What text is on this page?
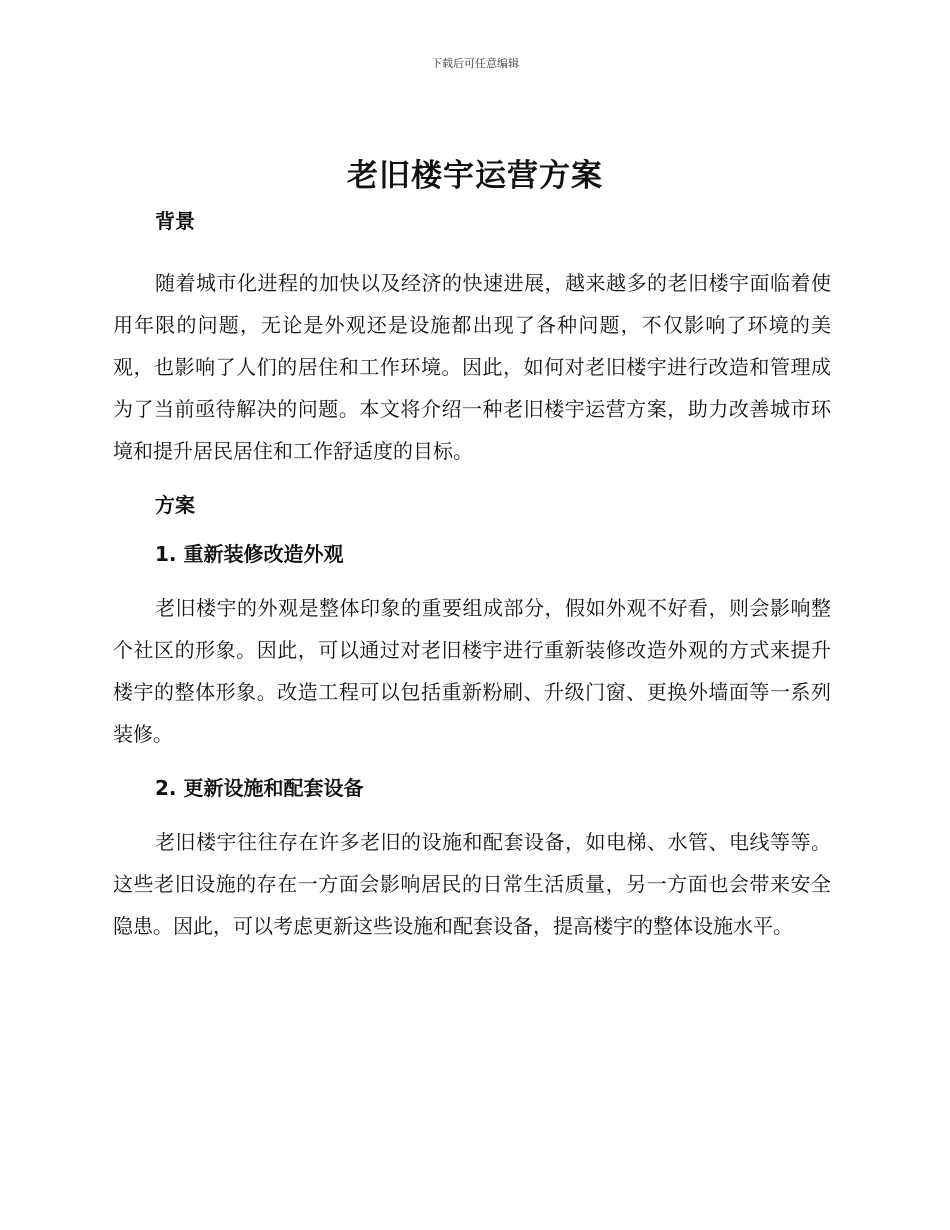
下载后可任意编辑
老旧楼宇运营方案
背景

随着城市化进程的加快以及经济的快速进展，越来越多的老旧楼宇面临着使用年限的问题，无论是外观还是设施都出现了各种问题，不仅影响了环境的美观，也影响了人们的居住和工作环境。因此，如何对老旧楼宇进行改造和管理成为了当前亟待解决的问题。本文将介绍一种老旧楼宇运营方案，助力改善城市环境和提升居民居住和工作舒适度的目标。

方案
1. 重新装修改造外观

老旧楼宇的外观是整体印象的重要组成部分，假如外观不好看，则会影响整个社区的形象。因此，可以通过对老旧楼宇进行重新装修改造外观的方式来提升楼宇的整体形象。改造工程可以包括重新粉刷、升级门窗、更换外墙面等一系列装修。

2. 更新设施和配套设备

老旧楼宇往往存在许多老旧的设施和配套设备，如电梯、水管、电线等等。这些老旧设施的存在一方面会影响居民的日常生活质量，另一方面也会带来安全隐患。因此，可以考虑更新这些设施和配套设备，提高楼宇的整体设施水平。
